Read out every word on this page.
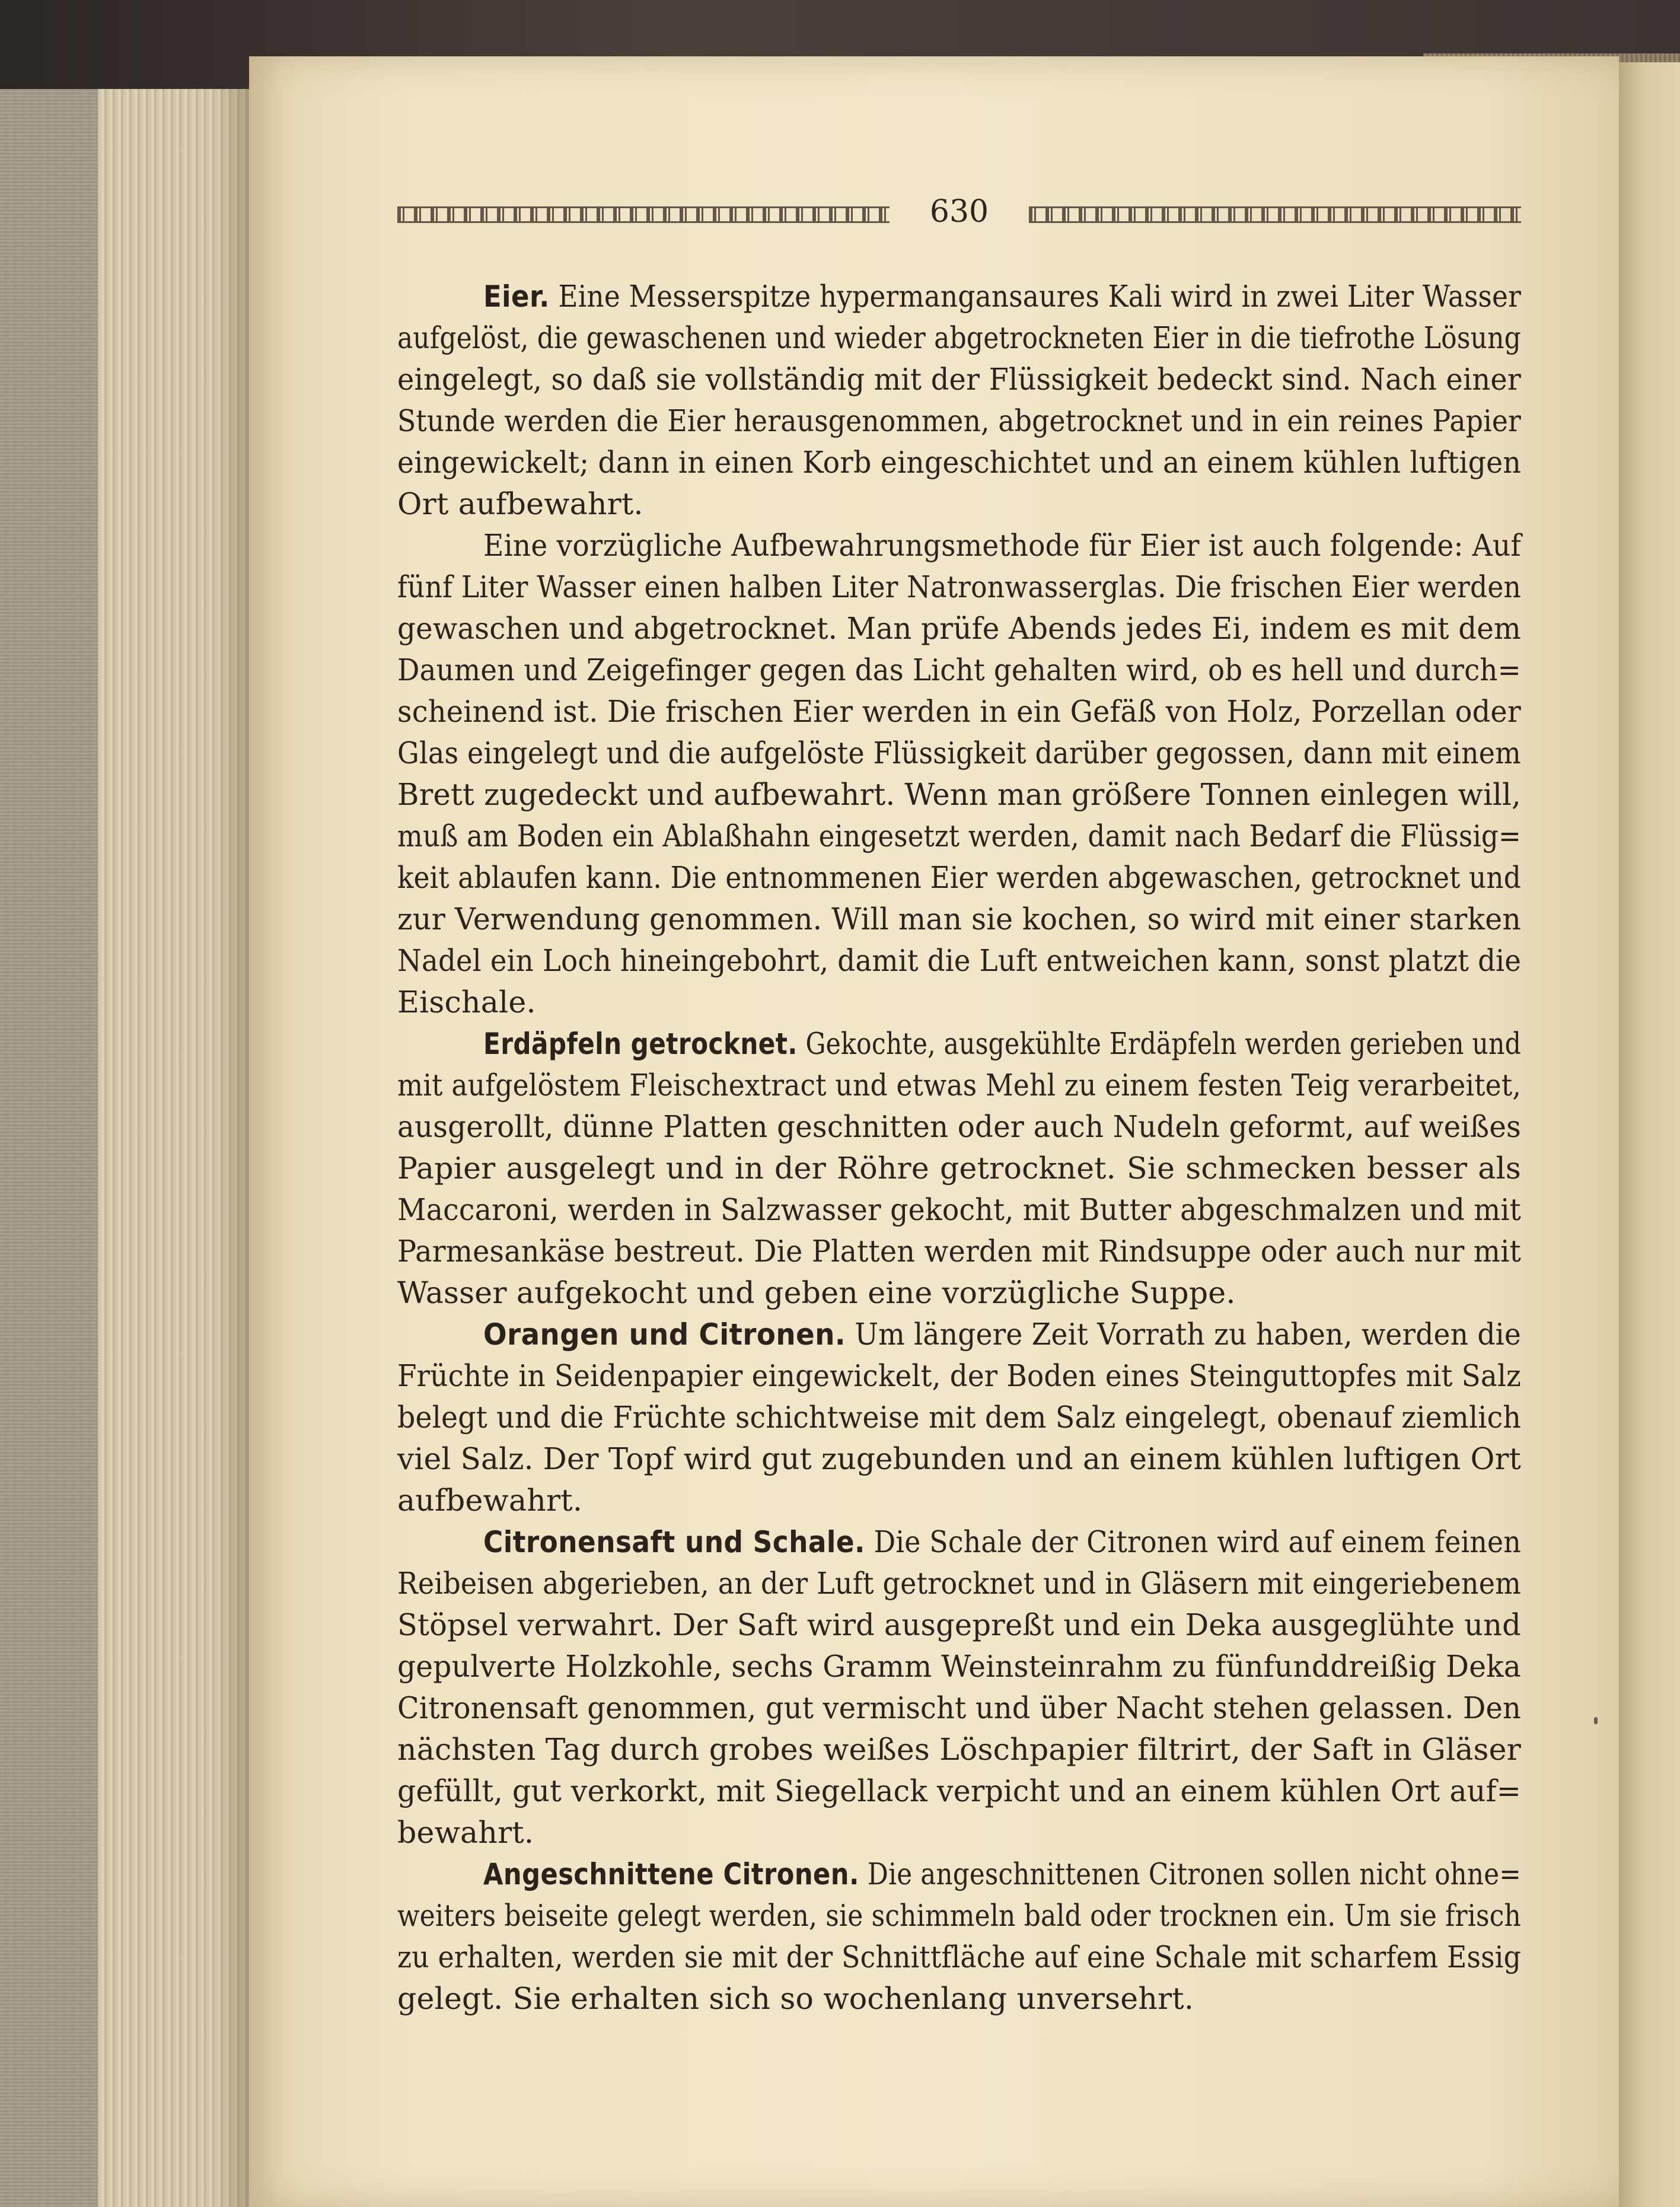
630
Eier. Eine Messerspitze hypermangansaures Kali wird in zwei Liter Wasser
aufgelöst, die gewaschenen und wieder abgetrockneten Eier in die tiefrothe Lösung
eingelegt, so daß sie vollständig mit der Flüssigkeit bedeckt sind. Nach einer
Stunde werden die Eier herausgenommen, abgetrocknet und in ein reines Papier
eingewickelt; dann in einen Korb eingeschichtet und an einem kühlen luftigen
Ort aufbewahrt.
Eine vorzügliche Aufbewahrungsmethode für Eier ist auch folgende: Auf
fünf Liter Wasser einen halben Liter Natronwasserglas. Die frischen Eier werden
gewaschen und abgetrocknet. Man prüfe Abends jedes Ei, indem es mit dem
Daumen und Zeigefinger gegen das Licht gehalten wird, ob es hell und durch=
scheinend ist. Die frischen Eier werden in ein Gefäß von Holz, Porzellan oder
Glas eingelegt und die aufgelöste Flüssigkeit darüber gegossen, dann mit einem
Brett zugedeckt und aufbewahrt. Wenn man größere Tonnen einlegen will,
muß am Boden ein Ablaßhahn eingesetzt werden, damit nach Bedarf die Flüssig=
keit ablaufen kann. Die entnommenen Eier werden abgewaschen, getrocknet und
zur Verwendung genommen. Will man sie kochen, so wird mit einer starken
Nadel ein Loch hineingebohrt, damit die Luft entweichen kann, sonst platzt die
Eischale.
Erdäpfeln getrocknet. Gekochte, ausgekühlte Erdäpfeln werden gerieben und
mit aufgelöstem Fleischextract und etwas Mehl zu einem festen Teig verarbeitet,
ausgerollt, dünne Platten geschnitten oder auch Nudeln geformt, auf weißes
Papier ausgelegt und in der Röhre getrocknet. Sie schmecken besser als
Maccaroni, werden in Salzwasser gekocht, mit Butter abgeschmalzen und mit
Parmesankäse bestreut. Die Platten werden mit Rindsuppe oder auch nur mit
Wasser aufgekocht und geben eine vorzügliche Suppe.
Orangen und Citronen. Um längere Zeit Vorrath zu haben, werden die
Früchte in Seidenpapier eingewickelt, der Boden eines Steinguttopfes mit Salz
belegt und die Früchte schichtweise mit dem Salz eingelegt, obenauf ziemlich
viel Salz. Der Topf wird gut zugebunden und an einem kühlen luftigen Ort
aufbewahrt.
Citronensaft und Schale. Die Schale der Citronen wird auf einem feinen
Reibeisen abgerieben, an der Luft getrocknet und in Gläsern mit eingeriebenem
Stöpsel verwahrt. Der Saft wird ausgepreßt und ein Deka ausgeglühte und
gepulverte Holzkohle, sechs Gramm Weinsteinrahm zu fünfunddreißig Deka
Citronensaft genommen, gut vermischt und über Nacht stehen gelassen. Den
nächsten Tag durch grobes weißes Löschpapier filtrirt, der Saft in Gläser
gefüllt, gut verkorkt, mit Siegellack verpicht und an einem kühlen Ort auf=
bewahrt.
Angeschnittene Citronen. Die angeschnittenen Citronen sollen nicht ohne=
weiters beiseite gelegt werden, sie schimmeln bald oder trocknen ein. Um sie frisch
zu erhalten, werden sie mit der Schnittfläche auf eine Schale mit scharfem Essig
gelegt. Sie erhalten sich so wochenlang unversehrt.
